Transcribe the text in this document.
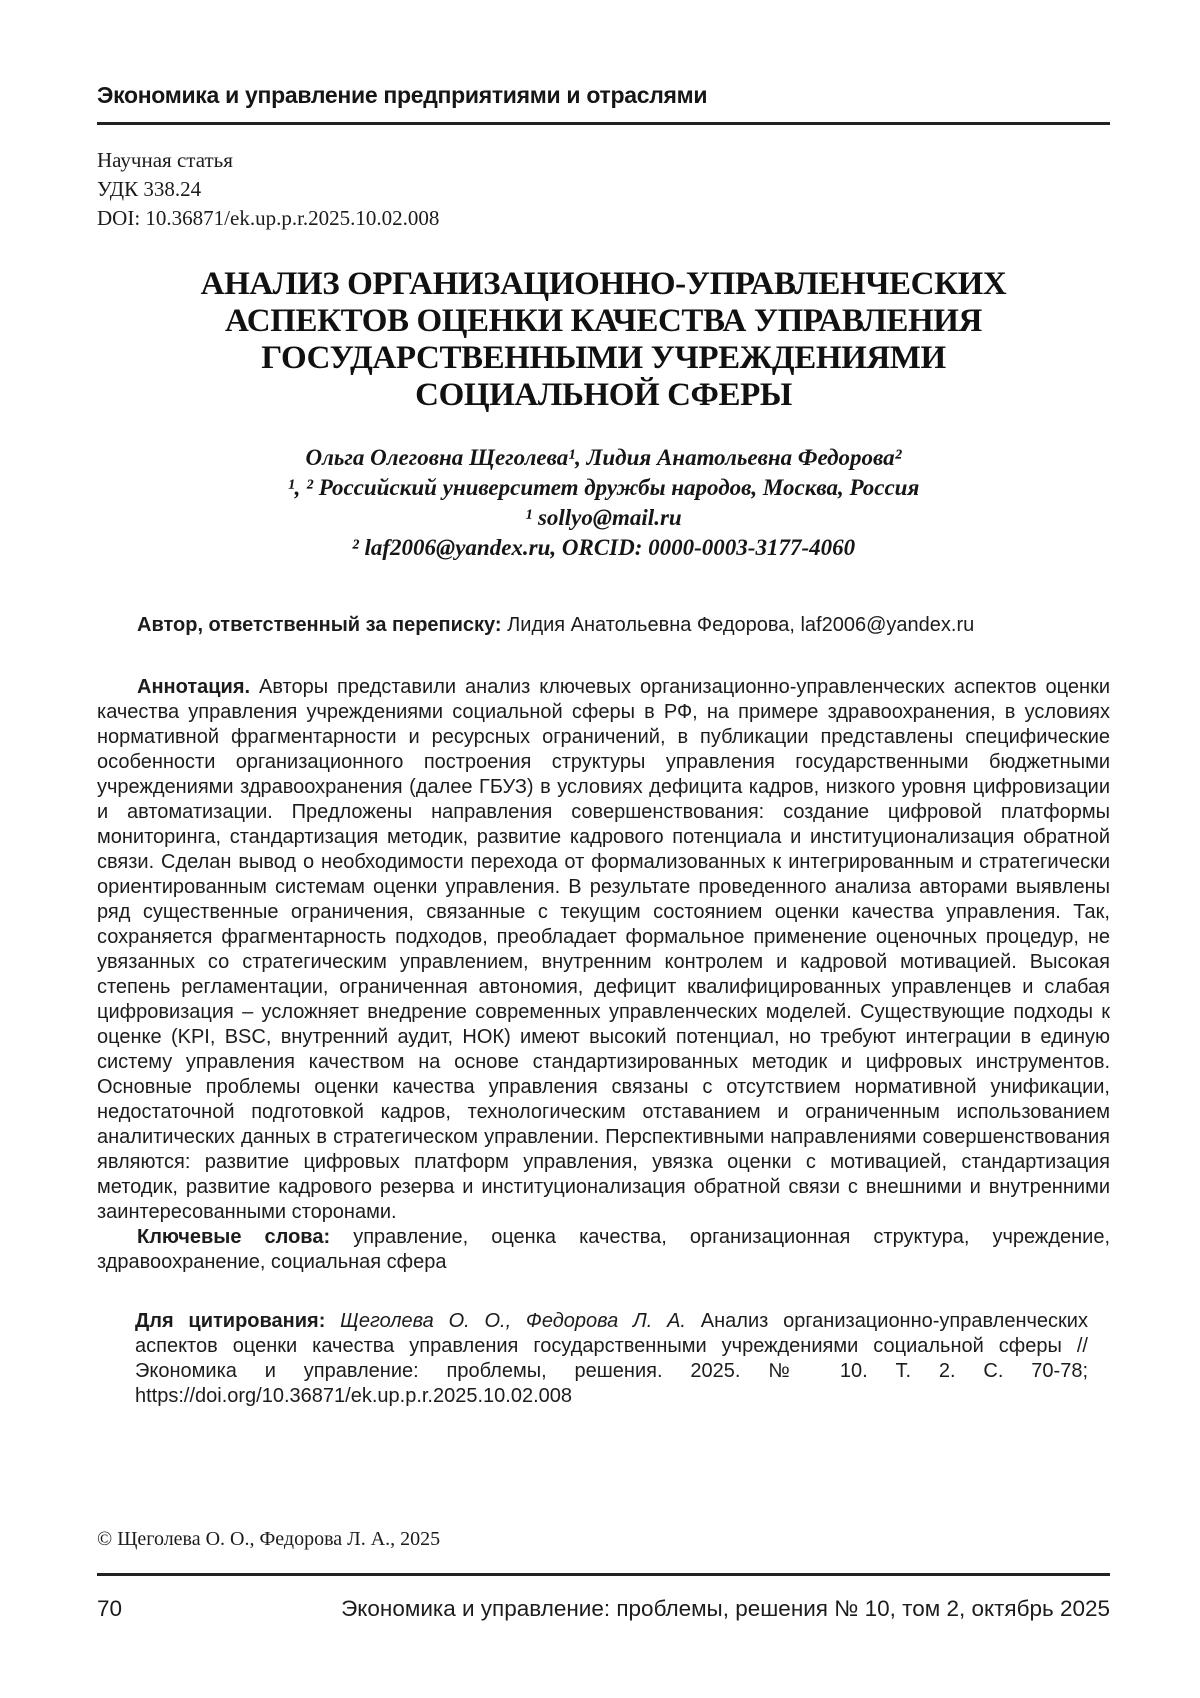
Экономика и управление предприятиями и отраслями
Научная статья
УДК 338.24
DOI: 10.36871/ek.up.p.r.2025.10.02.008
АНАЛИЗ ОРГАНИЗАЦИОННО-УПРАВЛЕНЧЕСКИХ
АСПЕКТОВ ОЦЕНКИ КАЧЕСТВА УПРАВЛЕНИЯ
ГОСУДАРСТВЕННЫМИ УЧРЕЖДЕНИЯМИ
СОЦИАЛЬНОЙ СФЕРЫ
Ольга Олеговна Щеголева¹, Лидия Анатольевна Федорова²
¹, ² Российский университет дружбы народов, Москва, Россия
¹ sollyo@mail.ru
² laf2006@yandex.ru, ORCID: 0000-0003-3177-4060

Автор, ответственный за переписку: Лидия Анатольевна Федорова, laf2006@yandex.ru

Аннотация. Авторы представили анализ ключевых организационно-управленческих аспектов оценки качества управления учреждениями социальной сферы в РФ, на примере здравоохранения, в условиях нормативной фрагментарности и ресурсных ограничений, в публикации представлены специфические особенности организационного построения структуры управления государственными бюджетными учреждениями здравоохранения (далее ГБУЗ) в условиях дефицита кадров, низкого уровня цифровизации и автоматизации. Предложены направления совершенствования: создание цифровой платформы мониторинга, стандартизация методик, развитие кадрового потенциала и институционализация обратной связи. Сделан вывод о необходимости перехода от формализованных к интегрированным и стратегически ориентированным системам оценки управления. В результате проведенного анализа авторами выявлены ряд существенные ограничения, связанные с текущим состоянием оценки качества управления. Так, сохраняется фрагментарность подходов, преобладает формальное применение оценочных процедур, не увязанных со стратегическим управлением, внутренним контролем и кадровой мотивацией. Высокая степень регламентации, ограниченная автономия, дефицит квалифицированных управленцев и слабая цифровизация – усложняет внедрение современных управленческих моделей. Существующие подходы к оценке (KPI, BSC, внутренний аудит, НОК) имеют высокий потенциал, но требуют интеграции в единую систему управления качеством на основе стандартизированных методик и цифровых инструментов. Основные проблемы оценки качества управления связаны с отсутствием нормативной унификации, недостаточной подготовкой кадров, технологическим отставанием и ограниченным использованием аналитических данных в стратегическом управлении. Перспективными направлениями совершенствования являются: развитие цифровых платформ управления, увязка оценки с мотивацией, стандартизация методик, развитие кадрового резерва и институционализация обратной связи с внешними и внутренними заинтересованными сторонами.

Ключевые слова: управление, оценка качества, организационная структура, учреждение, здравоохранение, социальная сфера

Для цитирования: Щеголева О. О., Федорова Л. А. Анализ организационно-управленческих аспектов оценки качества управления государственными учреждениями социальной сферы // Экономика и управление: проблемы, решения. 2025. № 10. Т. 2. С. 70-78; https://doi.org/10.36871/ek.up.p.r.2025.10.02.008

© Щеголева О. О., Федорова Л. А., 2025
70	Экономика и управление: проблемы, решения № 10, том 2, октябрь 2025
